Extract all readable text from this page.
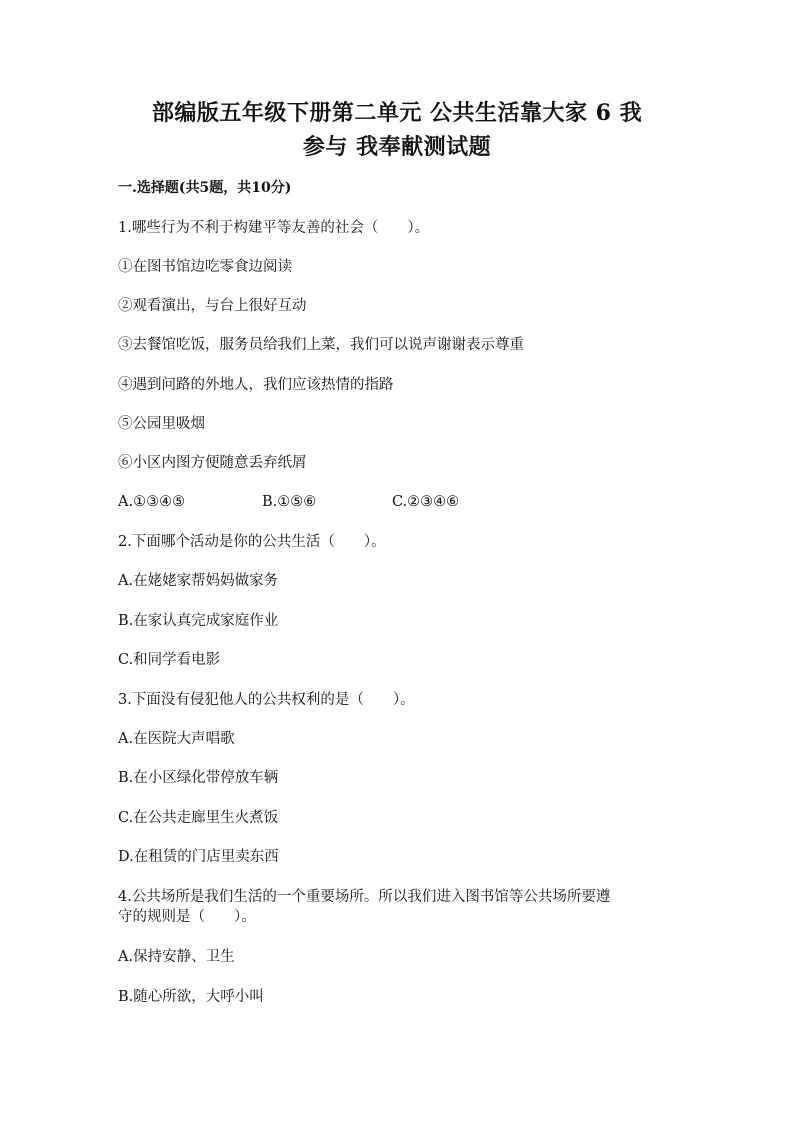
部编版五年级下册第二单元 公共生活靠大家 6 我
参与 我奉献测试题
一.选择题(共5题，共10分)
1.哪些行为不利于构建平等友善的社会（　　）。
①在图书馆边吃零食边阅读
②观看演出，与台上很好互动
③去餐馆吃饭，服务员给我们上菜，我们可以说声谢谢表示尊重
④遇到问路的外地人，我们应该热情的指路
⑤公园里吸烟
⑥小区内图方便随意丢弃纸屑
A.①③④⑤	B.①⑤⑥	C.②③④⑥
2.下面哪个活动是你的公共生活（　　）。
A.在姥姥家帮妈妈做家务
B.在家认真完成家庭作业
C.和同学看电影
3.下面没有侵犯他人的公共权利的是（　　）。
A.在医院大声唱歌
B.在小区绿化带停放车辆
C.在公共走廊里生火煮饭
D.在租赁的门店里卖东西
4.公共场所是我们生活的一个重要场所。所以我们进入图书馆等公共场所要遵
守的规则是（　　）。
A.保持安静、卫生
B.随心所欲，大呼小叫
